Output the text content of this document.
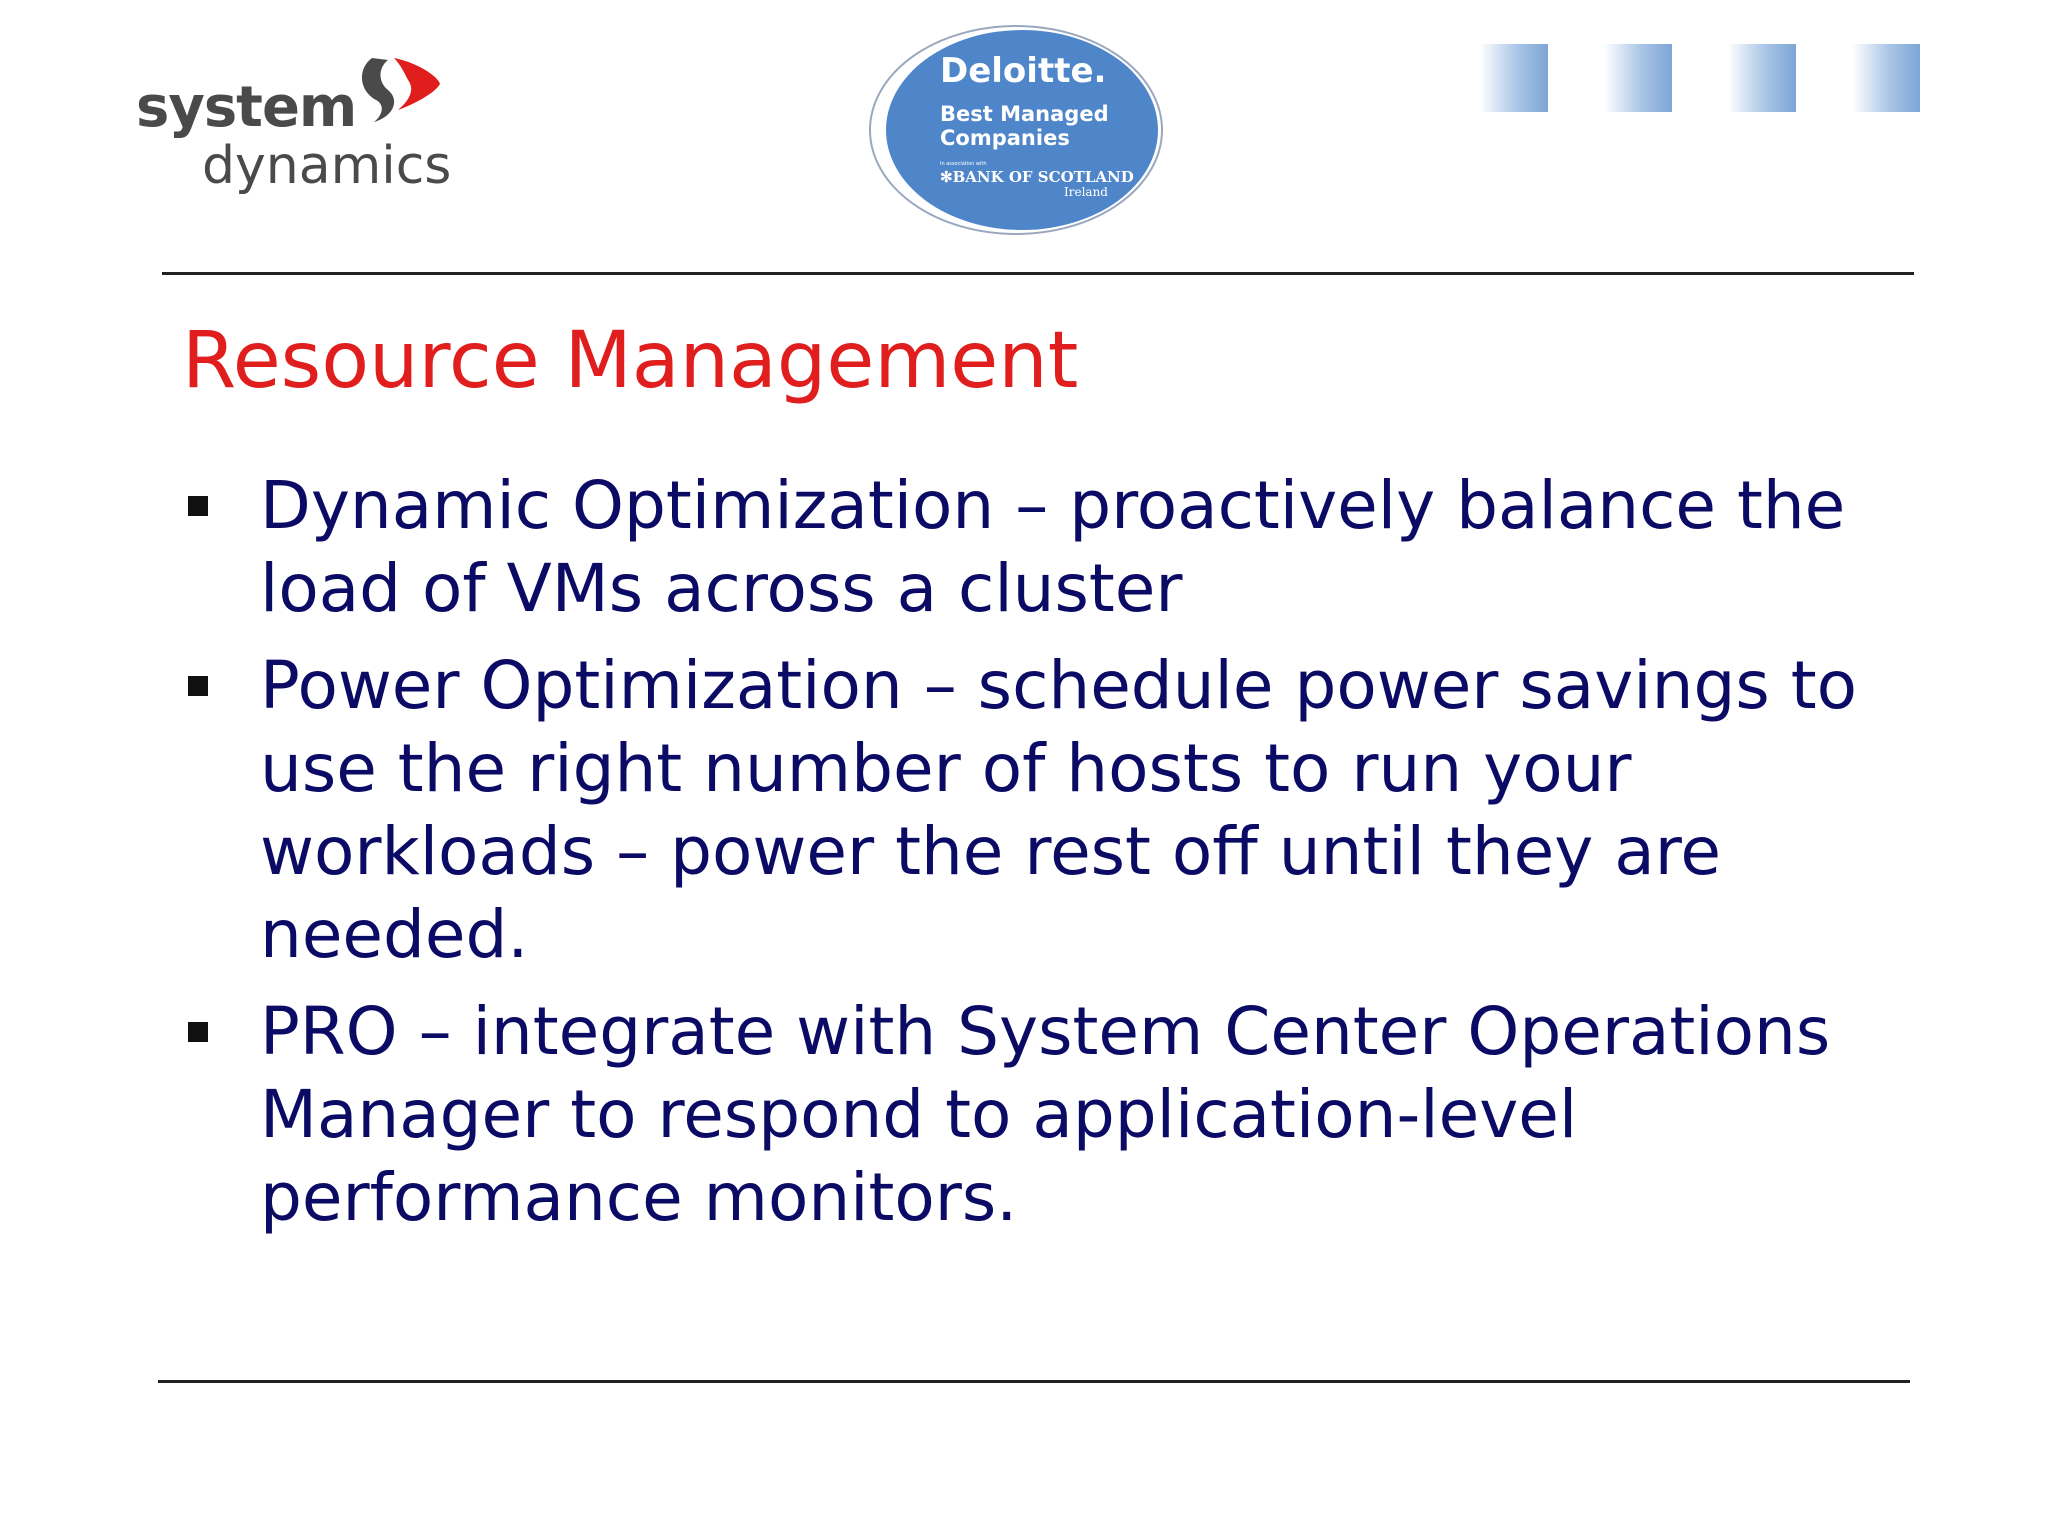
system
dynamics
Deloitte.
Best Managed
Companies
In association with
✻BANK OF SCOTLAND
Ireland
Resource Management
Dynamic Optimization – proactively balance the load of VMs across a cluster
Power Optimization – schedule power savings to use the right number of hosts to run your workloads – power the rest off until they are needed.
PRO – integrate with System Center Operations Manager to respond to application-level performance monitors.
